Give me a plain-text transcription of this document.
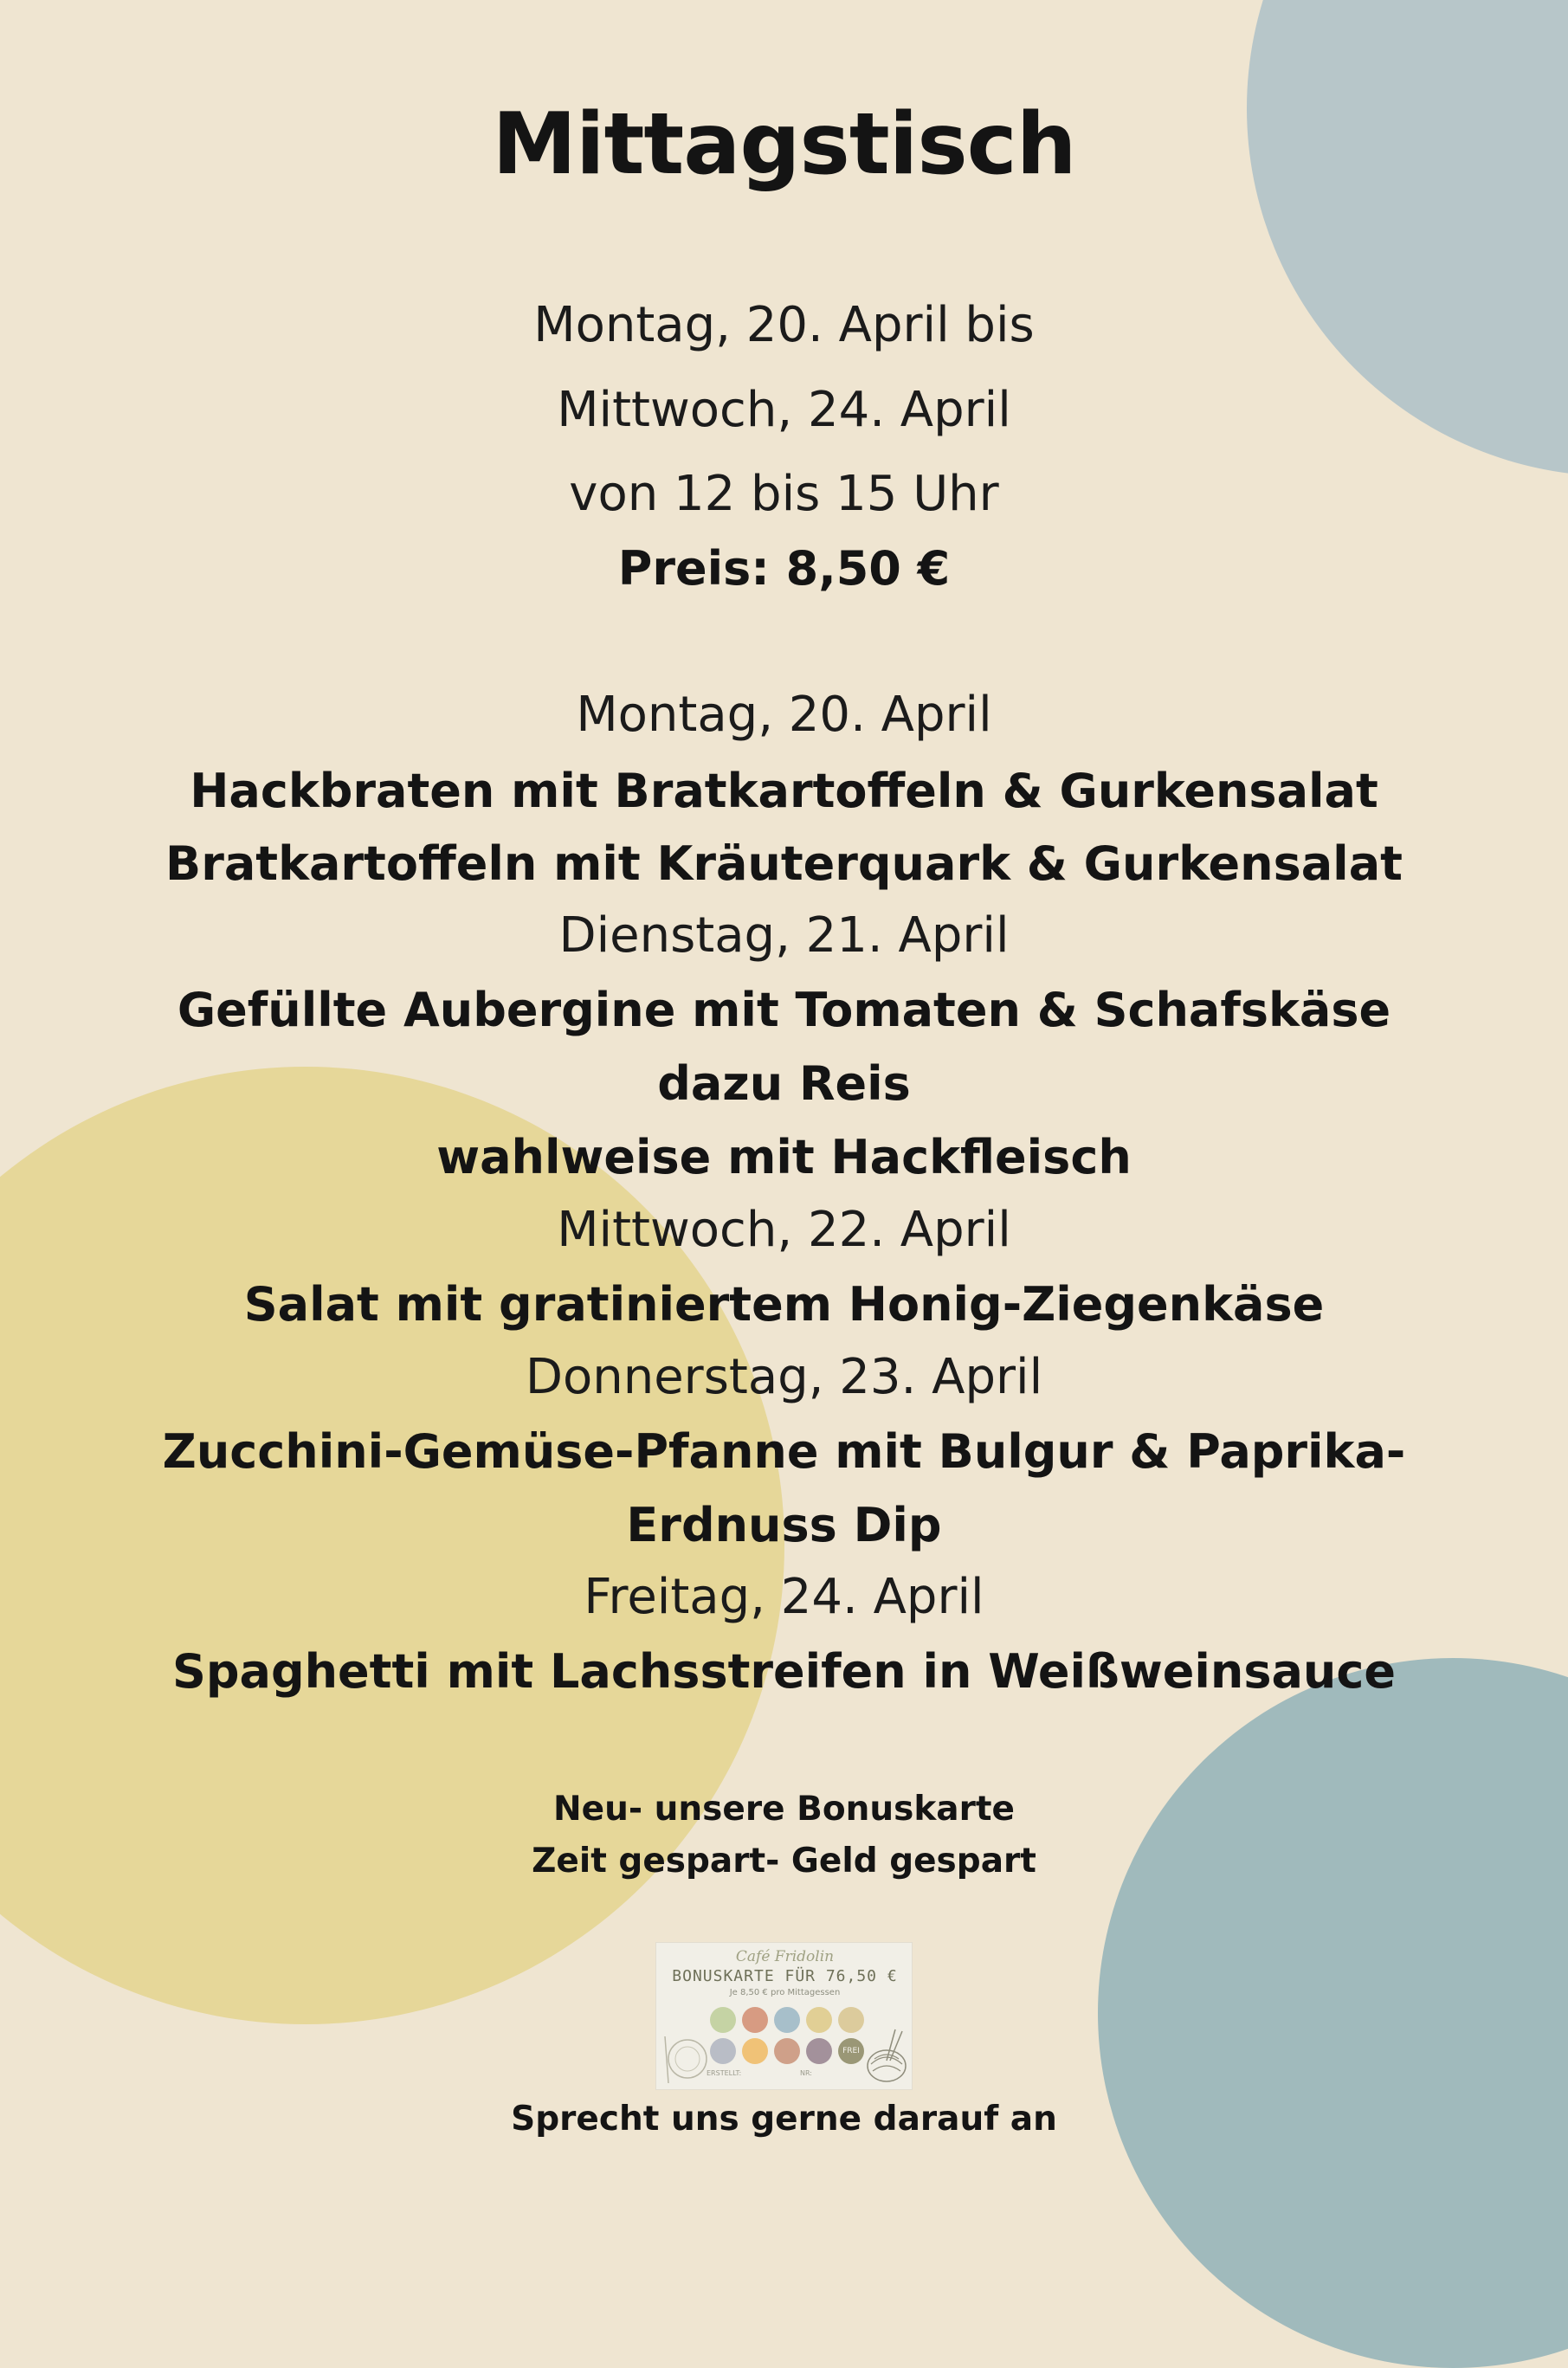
Mittagstisch
Montag, 20. April bis
Mittwoch, 24. April
von 12 bis 15 Uhr
Preis: 8,50 €
Montag, 20. April
Hackbraten mit Bratkartoffeln & Gurkensalat
Bratkartoffeln mit Kräuterquark & Gurkensalat
Dienstag, 21. April
Gefüllte Aubergine mit Tomaten & Schafskäse
dazu Reis
wahlweise mit Hackfleisch
Mittwoch, 22. April
Salat mit gratiniertem Honig-Ziegenkäse
Donnerstag, 23. April
Zucchini-Gemüse-Pfanne mit Bulgur & Paprika-
Erdnuss Dip
Freitag, 24. April
Spaghetti mit Lachsstreifen in Weißweinsauce
Neu- unsere Bonuskarte
Zeit gespart- Geld gespart
Café Fridolin
BONUSKARTE FÜR 76,50 €
Je 8,50 € pro Mittagessen
FREI
ERSTELLT:	NR:
Sprecht uns gerne darauf an
